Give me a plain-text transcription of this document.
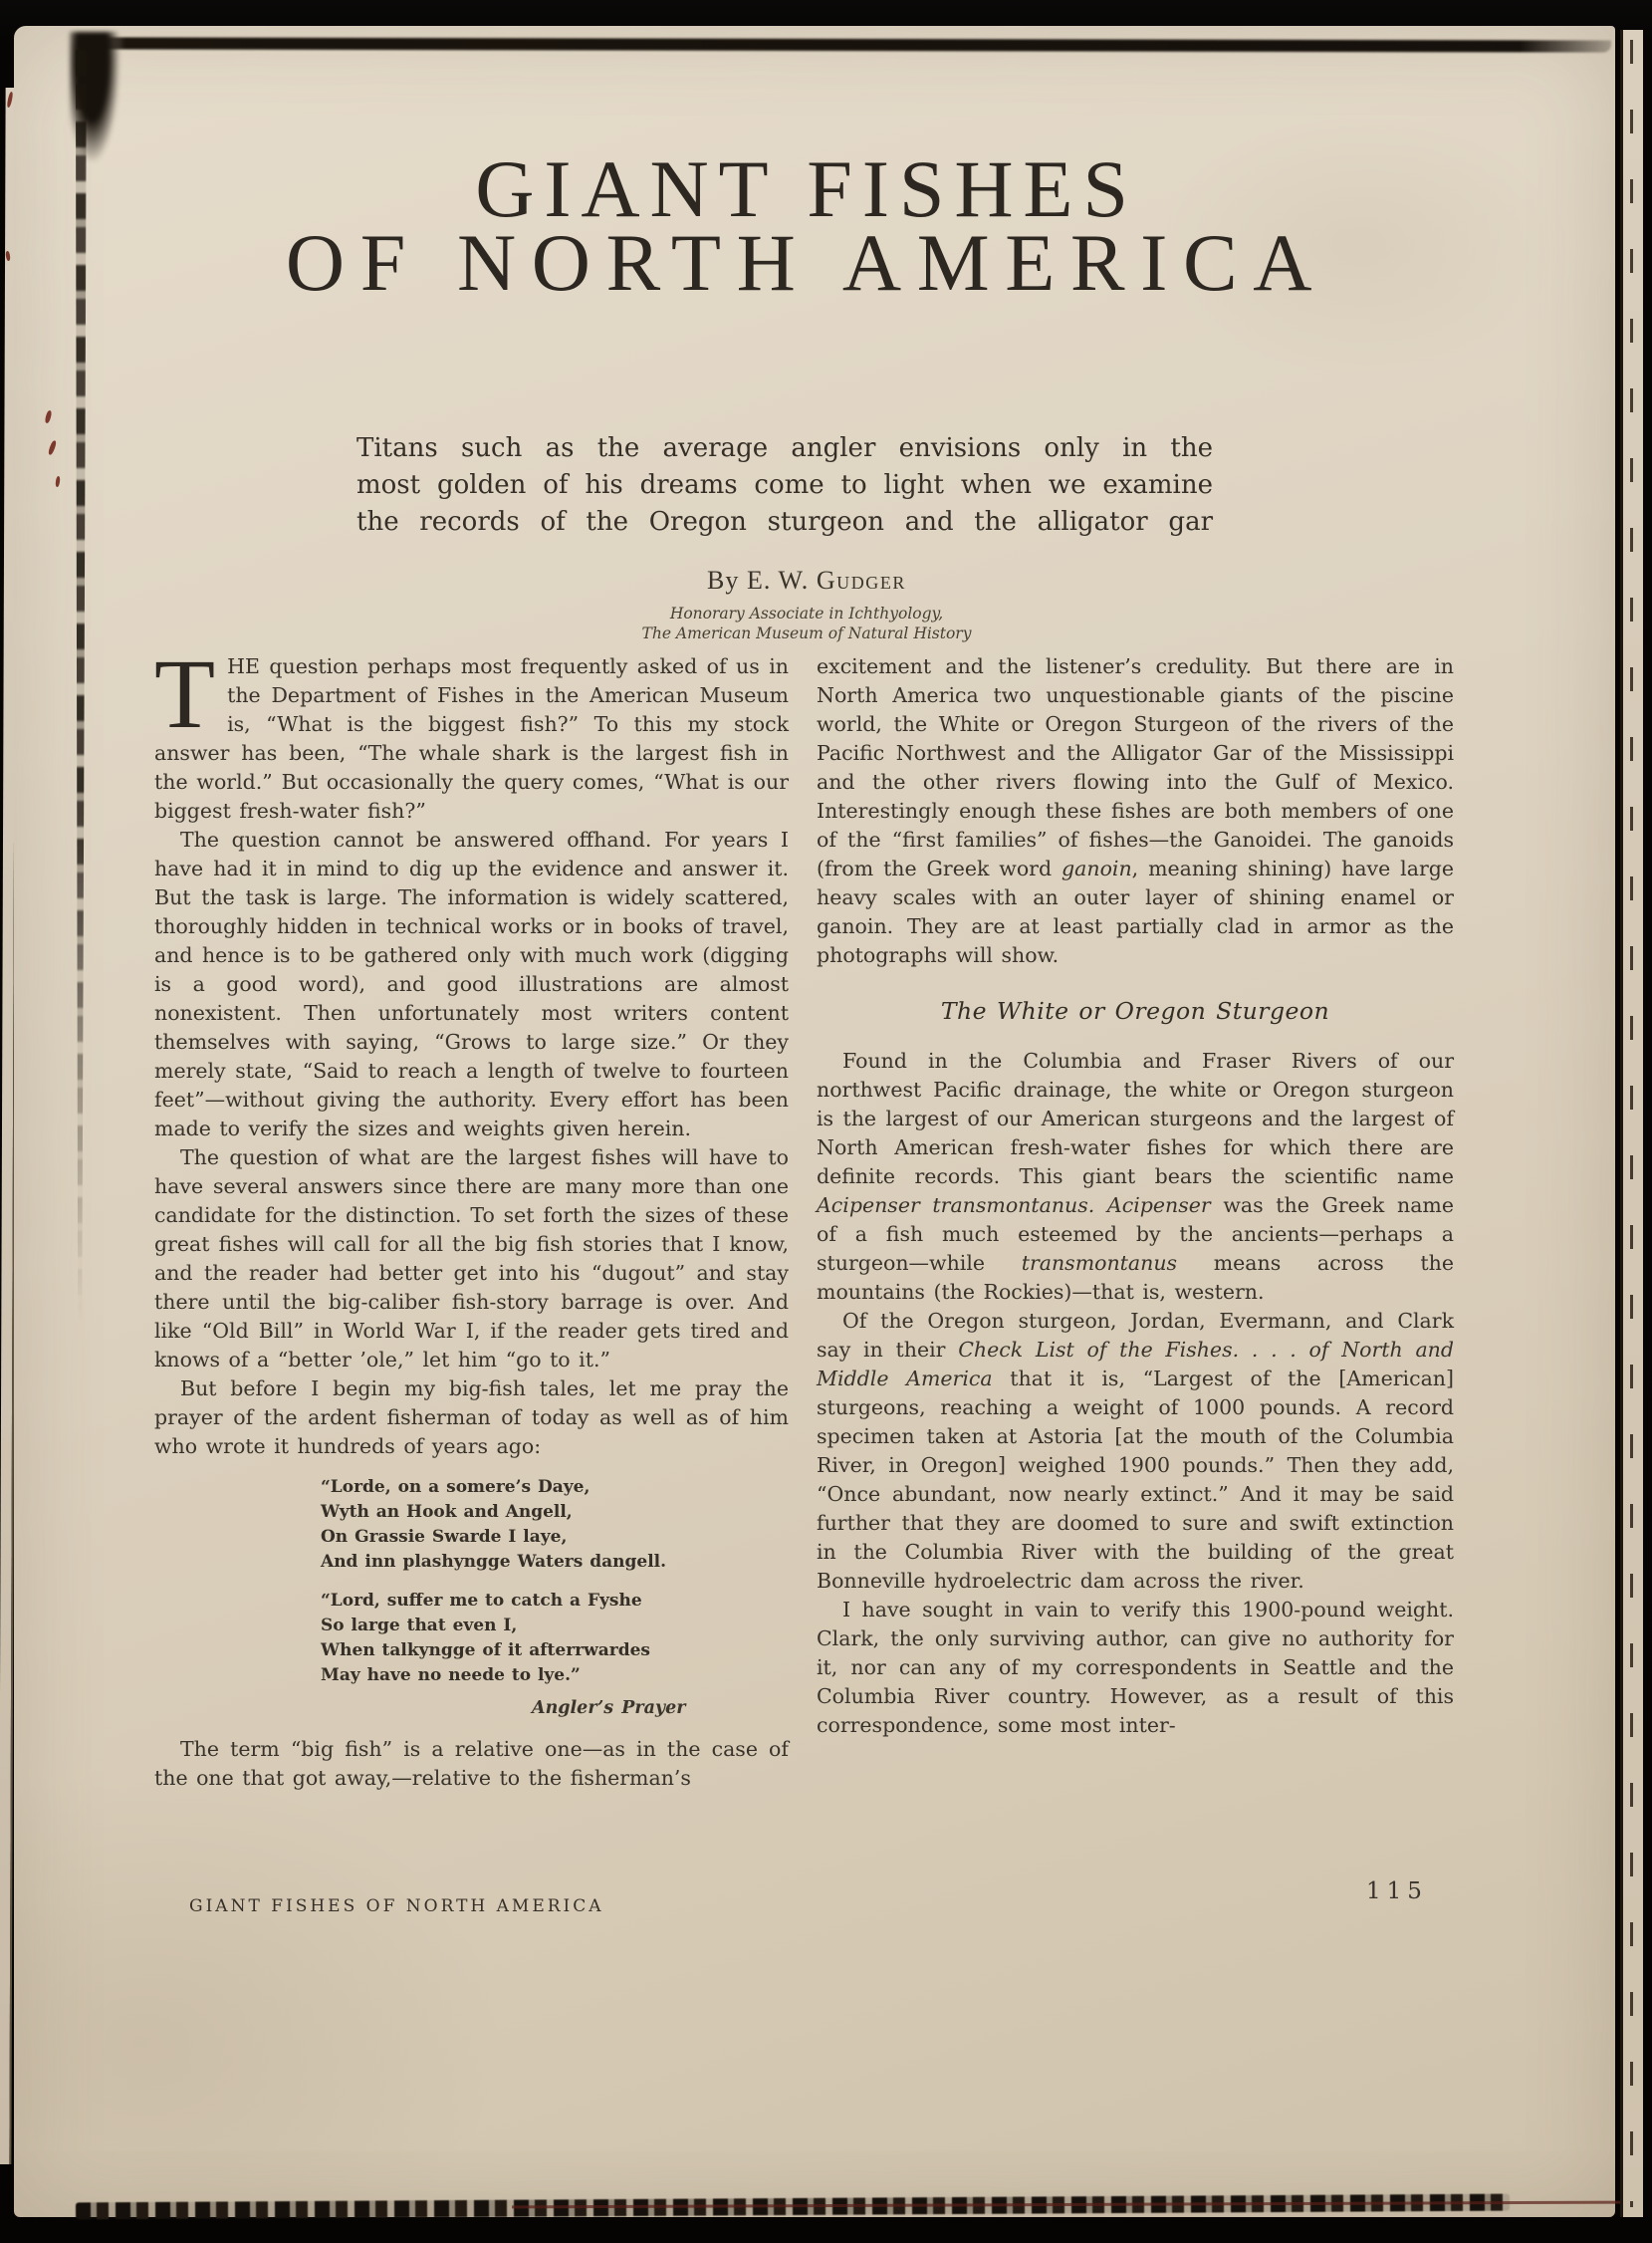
GIANT FISHES
OF NORTH AMERICA
Titans such as the average angler envisions only in the
most golden of his dreams come to light when we examine
the records of the Oregon sturgeon and the alligator gar
By E. W. Gudger
Honorary Associate in Ichthyology,
The American Museum of Natural History

THE question perhaps most frequently asked of us in the Department of Fishes in the American Museum is, “What is the biggest fish?” To this my stock answer has been, “The whale shark is the largest fish in the world.” But occasionally the query comes, “What is our biggest fresh-water fish?”

The question cannot be answered offhand. For years I have had it in mind to dig up the evidence and answer it. But the task is large. The information is widely scattered, thoroughly hidden in technical works or in books of travel, and hence is to be gathered only with much work (digging is a good word), and good illustrations are almost nonexistent. Then unfortunately most writers content themselves with saying, “Grows to large size.” Or they merely state, “Said to reach a length of twelve to fourteen feet”—without giving the authority. Every effort has been made to verify the sizes and weights given herein.

The question of what are the largest fishes will have to have several answers since there are many more than one candidate for the distinction. To set forth the sizes of these great fishes will call for all the big fish stories that I know, and the reader had better get into his “dugout” and stay there until the big-caliber fish-story barrage is over. And like “Old Bill” in World War I, if the reader gets tired and knows of a “better ’ole,” let him “go to it.”

But before I begin my big-fish tales, let me pray the prayer of the ardent fisherman of today as well as of him who wrote it hundreds of years ago:

“Lorde, on a somere’s Daye,
Wyth an Hook and Angell,
On Grassie Swarde I laye,
And inn plashyngge Waters dangell.
“Lord, suffer me to catch a Fyshe
So large that even I,
When talkyngge of it afterrwardes
May have no neede to lye.”
Angler’s Prayer

The term “big fish” is a relative one—as in the case of the one that got away,—relative to the fisherman’s

excitement and the listener’s credulity. But there are in North America two unquestionable giants of the piscine world, the White or Oregon Sturgeon of the rivers of the Pacific Northwest and the Alligator Gar of the Mississippi and the other rivers flowing into the Gulf of Mexico. Interestingly enough these fishes are both members of one of the “first families” of fishes—the Ganoidei. The ganoids (from the Greek word ganoin, meaning shining) have large heavy scales with an outer layer of shining enamel or ganoin. They are at least partially clad in armor as the photographs will show.

The White or Oregon Sturgeon

Found in the Columbia and Fraser Rivers of our northwest Pacific drainage, the white or Oregon sturgeon is the largest of our American sturgeons and the largest of North American fresh-water fishes for which there are definite records. This giant bears the scientific name Acipenser transmontanus. Acipenser was the Greek name of a fish much esteemed by the ancients—perhaps a sturgeon—while transmontanus means across the mountains (the Rockies)—that is, western.

Of the Oregon sturgeon, Jordan, Evermann, and Clark say in their Check List of the Fishes. . . . of North and Middle America that it is, “Largest of the [American] sturgeons, reaching a weight of 1000 pounds. A record specimen taken at Astoria [at the mouth of the Columbia River, in Oregon] weighed 1900 pounds.” Then they add, “Once abundant, now nearly extinct.” And it may be said further that they are doomed to sure and swift extinction in the Columbia River with the building of the great Bonneville hydroelectric dam across the river.

I have sought in vain to verify this 1900-pound weight. Clark, the only surviving author, can give no authority for it, nor can any of my correspondents in Seattle and the Columbia River country. However, as a result of this correspondence, some most inter-

GIANT FISHES OF NORTH AMERICA
115
